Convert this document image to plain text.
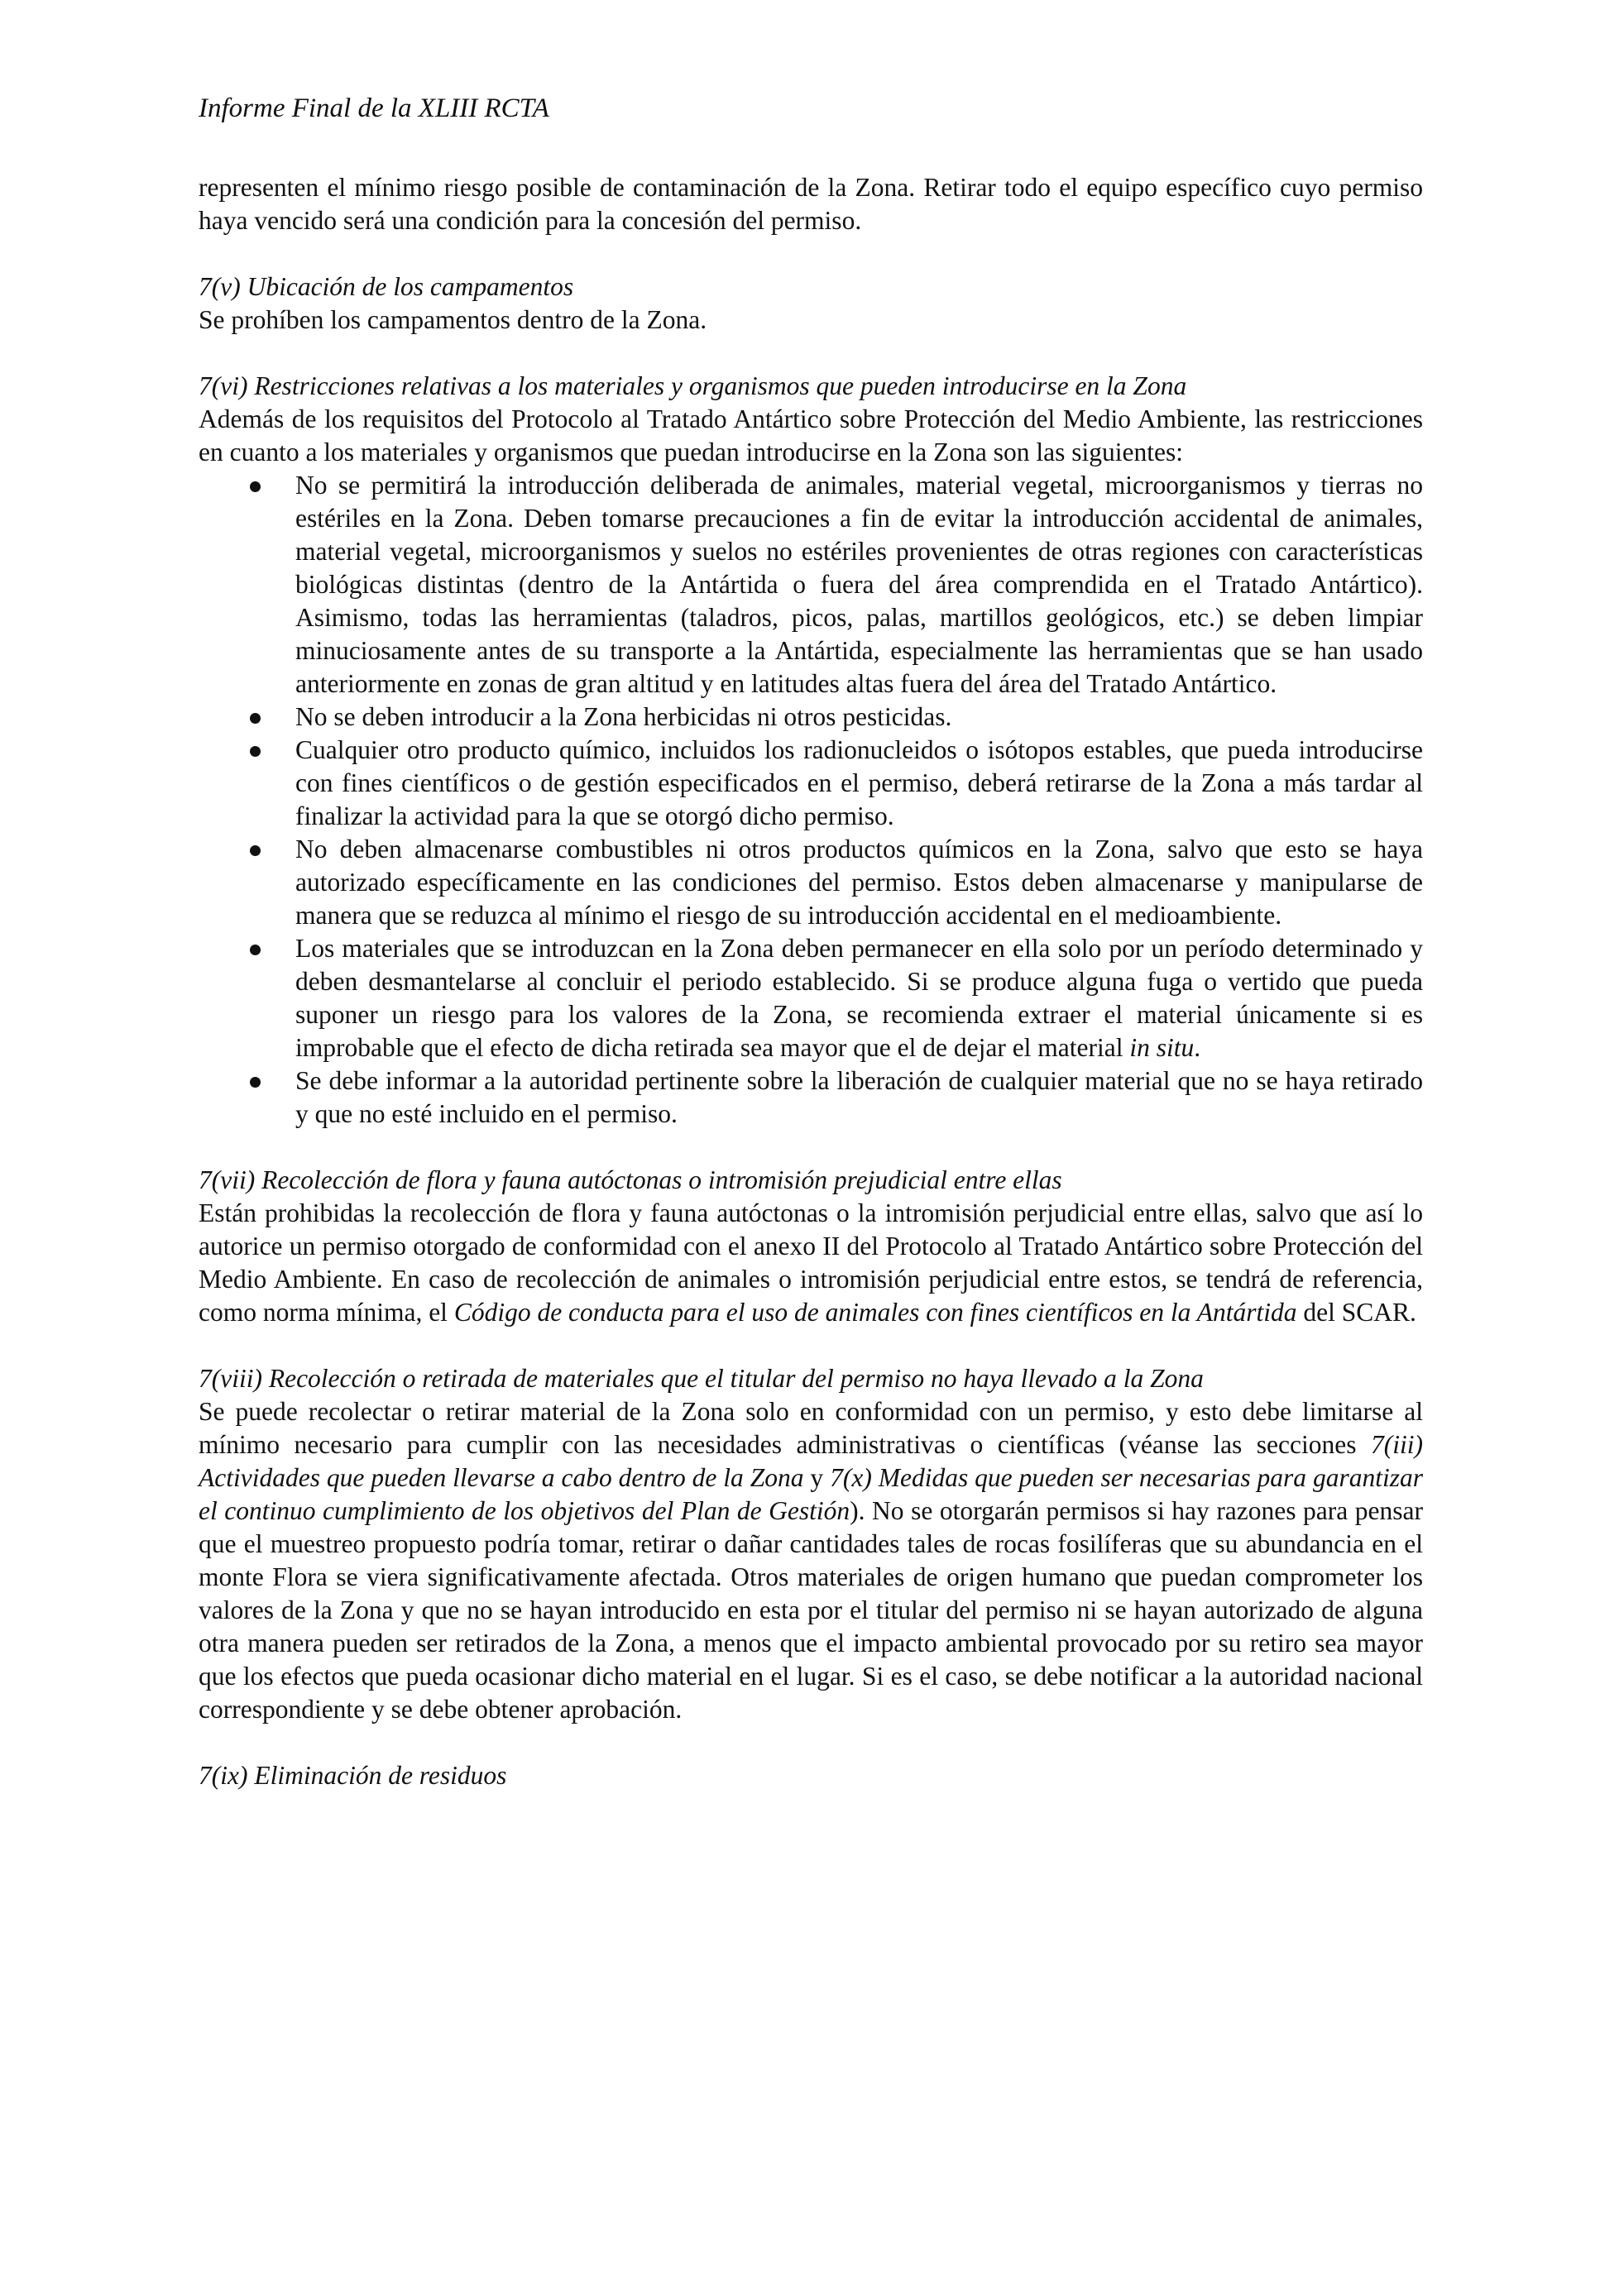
Informe Final de la XLIII RCTA

representen el mínimo riesgo posible de contaminación de la Zona. Retirar todo el equipo específico cuyo permiso haya vencido será una condición para la concesión del permiso.

7(v) Ubicación de los campamentos

Se prohíben los campamentos dentro de la Zona.

7(vi) Restricciones relativas a los materiales y organismos que pueden introducirse en la Zona

Además de los requisitos del Protocolo al Tratado Antártico sobre Protección del Medio Ambiente, las restricciones en cuanto a los materiales y organismos que puedan introducirse en la Zona son las siguientes:

No se permitirá la introducción deliberada de animales, material vegetal, microorganismos y tierras no estériles en la Zona. Deben tomarse precauciones a fin de evitar la introducción accidental de animales, material vegetal, microorganismos y suelos no estériles provenientes de otras regiones con características biológicas distintas (dentro de la Antártida o fuera del área comprendida en el Tratado Antártico). Asimismo, todas las herramientas (taladros, picos, palas, martillos geológicos, etc.) se deben limpiar minuciosamente antes de su transporte a la Antártida, especialmente las herramientas que se han usado anteriormente en zonas de gran altitud y en latitudes altas fuera del área del Tratado Antártico.
No se deben introducir a la Zona herbicidas ni otros pesticidas.
Cualquier otro producto químico, incluidos los radionucleidos o isótopos estables, que pueda introducirse con fines científicos o de gestión especificados en el permiso, deberá retirarse de la Zona a más tardar al finalizar la actividad para la que se otorgó dicho permiso.
No deben almacenarse combustibles ni otros productos químicos en la Zona, salvo que esto se haya autorizado específicamente en las condiciones del permiso. Estos deben almacenarse y manipularse de manera que se reduzca al mínimo el riesgo de su introducción accidental en el medioambiente.
Los materiales que se introduzcan en la Zona deben permanecer en ella solo por un período determinado y deben desmantelarse al concluir el periodo establecido. Si se produce alguna fuga o vertido que pueda suponer un riesgo para los valores de la Zona, se recomienda extraer el material únicamente si es improbable que el efecto de dicha retirada sea mayor que el de dejar el material in situ.
Se debe informar a la autoridad pertinente sobre la liberación de cualquier material que no se haya retirado y que no esté incluido en el permiso.

7(vii) Recolección de flora y fauna autóctonas o intromisión prejudicial entre ellas

Están prohibidas la recolección de flora y fauna autóctonas o la intromisión perjudicial entre ellas, salvo que así lo autorice un permiso otorgado de conformidad con el anexo II del Protocolo al Tratado Antártico sobre Protección del Medio Ambiente. En caso de recolección de animales o intromisión perjudicial entre estos, se tendrá de referencia, como norma mínima, el Código de conducta para el uso de animales con fines científicos en la Antártida del SCAR.

7(viii) Recolección o retirada de materiales que el titular del permiso no haya llevado a la Zona

Se puede recolectar o retirar material de la Zona solo en conformidad con un permiso, y esto debe limitarse al mínimo necesario para cumplir con las necesidades administrativas o científicas (véanse las secciones 7(iii) Actividades que pueden llevarse a cabo dentro de la Zona y 7(x) Medidas que pueden ser necesarias para garantizar el continuo cumplimiento de los objetivos del Plan de Gestión). No se otorgarán permisos si hay razones para pensar que el muestreo propuesto podría tomar, retirar o dañar cantidades tales de rocas fosilíferas que su abundancia en el monte Flora se viera significativamente afectada. Otros materiales de origen humano que puedan comprometer los valores de la Zona y que no se hayan introducido en esta por el titular del permiso ni se hayan autorizado de alguna otra manera pueden ser retirados de la Zona, a menos que el impacto ambiental provocado por su retiro sea mayor que los efectos que pueda ocasionar dicho material en el lugar. Si es el caso, se debe notificar a la autoridad nacional correspondiente y se debe obtener aprobación.

7(ix) Eliminación de residuos
